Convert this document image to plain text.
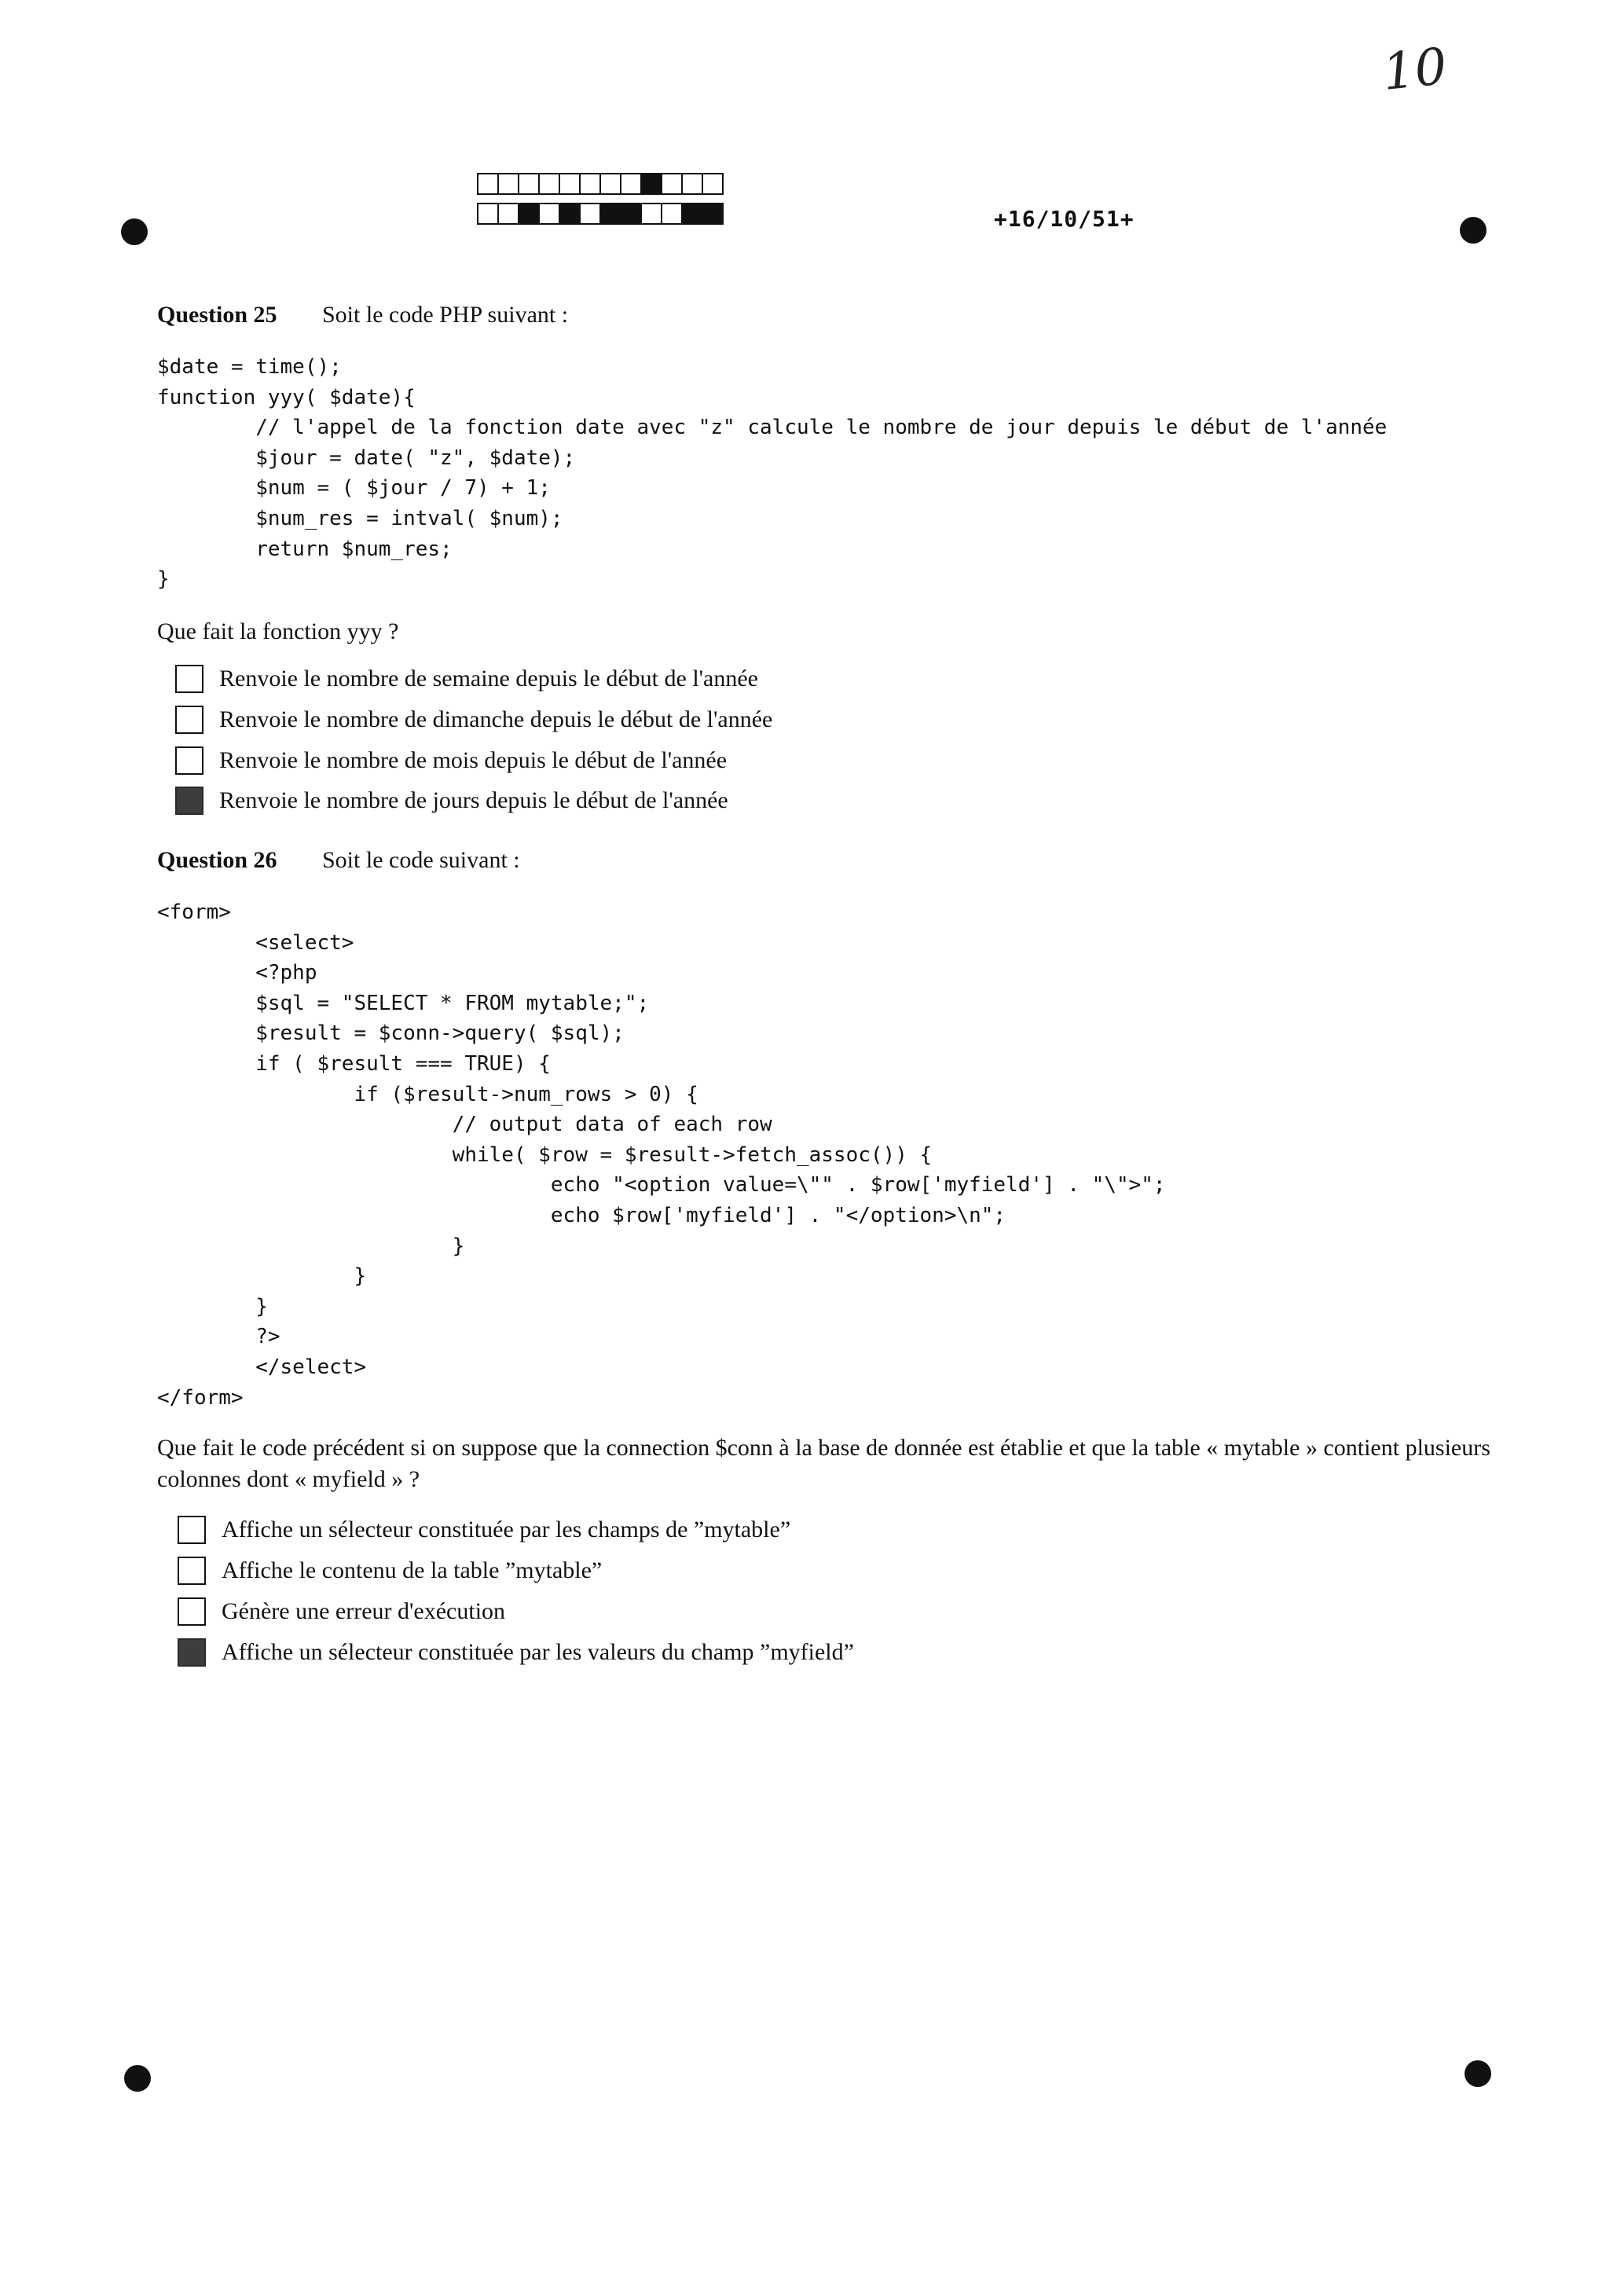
10
+16/10/51+
Question 25 Soit le code PHP suivant :
$date = time();
function yyy( $date){
// l'appel de la fonction date avec "z" calcule le nombre de jour depuis le début de l'année
$jour = date( "z", $date);
$num = ( $jour / 7) + 1;
$num_res = intval( $num);
return $num_res;
}
Que fait la fonction yyy ?
Renvoie le nombre de semaine depuis le début de l'année
Renvoie le nombre de dimanche depuis le début de l'année
Renvoie le nombre de mois depuis le début de l'année
Renvoie le nombre de jours depuis le début de l'année
Question 26 Soit le code suivant :
<form>
<select>
<?php
$sql = "SELECT * FROM mytable;";
$result = $conn->query( $sql);
if ( $result === TRUE) {
if ($result->num_rows > 0) {
// output data of each row
while( $row = $result->fetch_assoc()) {
echo "<option value=\"" . $row['myfield'] . "\">";
echo $row['myfield'] . "</option>\n";
}
}
}
?>
</select>
</form>
Que fait le code précédent si on suppose que la connection $conn à la base de donnée est établie et que la table « mytable » contient plusieurs colonnes dont « myfield » ?
Affiche un sélecteur constituée par les champs de ”mytable”
Affiche le contenu de la table ”mytable”
Génère une erreur d'exécution
Affiche un sélecteur constituée par les valeurs du champ ”myfield”
